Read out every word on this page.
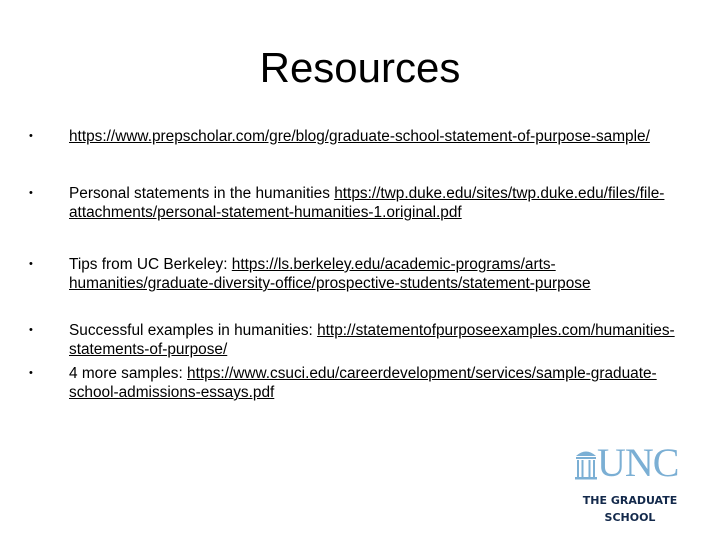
Resources
• https://www.prepscholar.com/gre/blog/graduate-school-statement-of-purpose-sample/
• Personal statements in the humanities https://twp.duke.edu/sites/twp.duke.edu/files/file-attachments/personal-statement-humanities-1.original.pdf
• Tips from UC Berkeley: https://ls.berkeley.edu/academic-programs/arts-humanities/graduate-diversity-office/prospective-students/statement-purpose
• Successful examples in humanities: http://statementofpurposeexamples.com/humanities-statements-of-purpose/
• 4 more samples: https://www.csuci.edu/careerdevelopment/services/sample-graduate-school-admissions-essays.pdf
UNC
THE GRADUATE
SCHOOL
